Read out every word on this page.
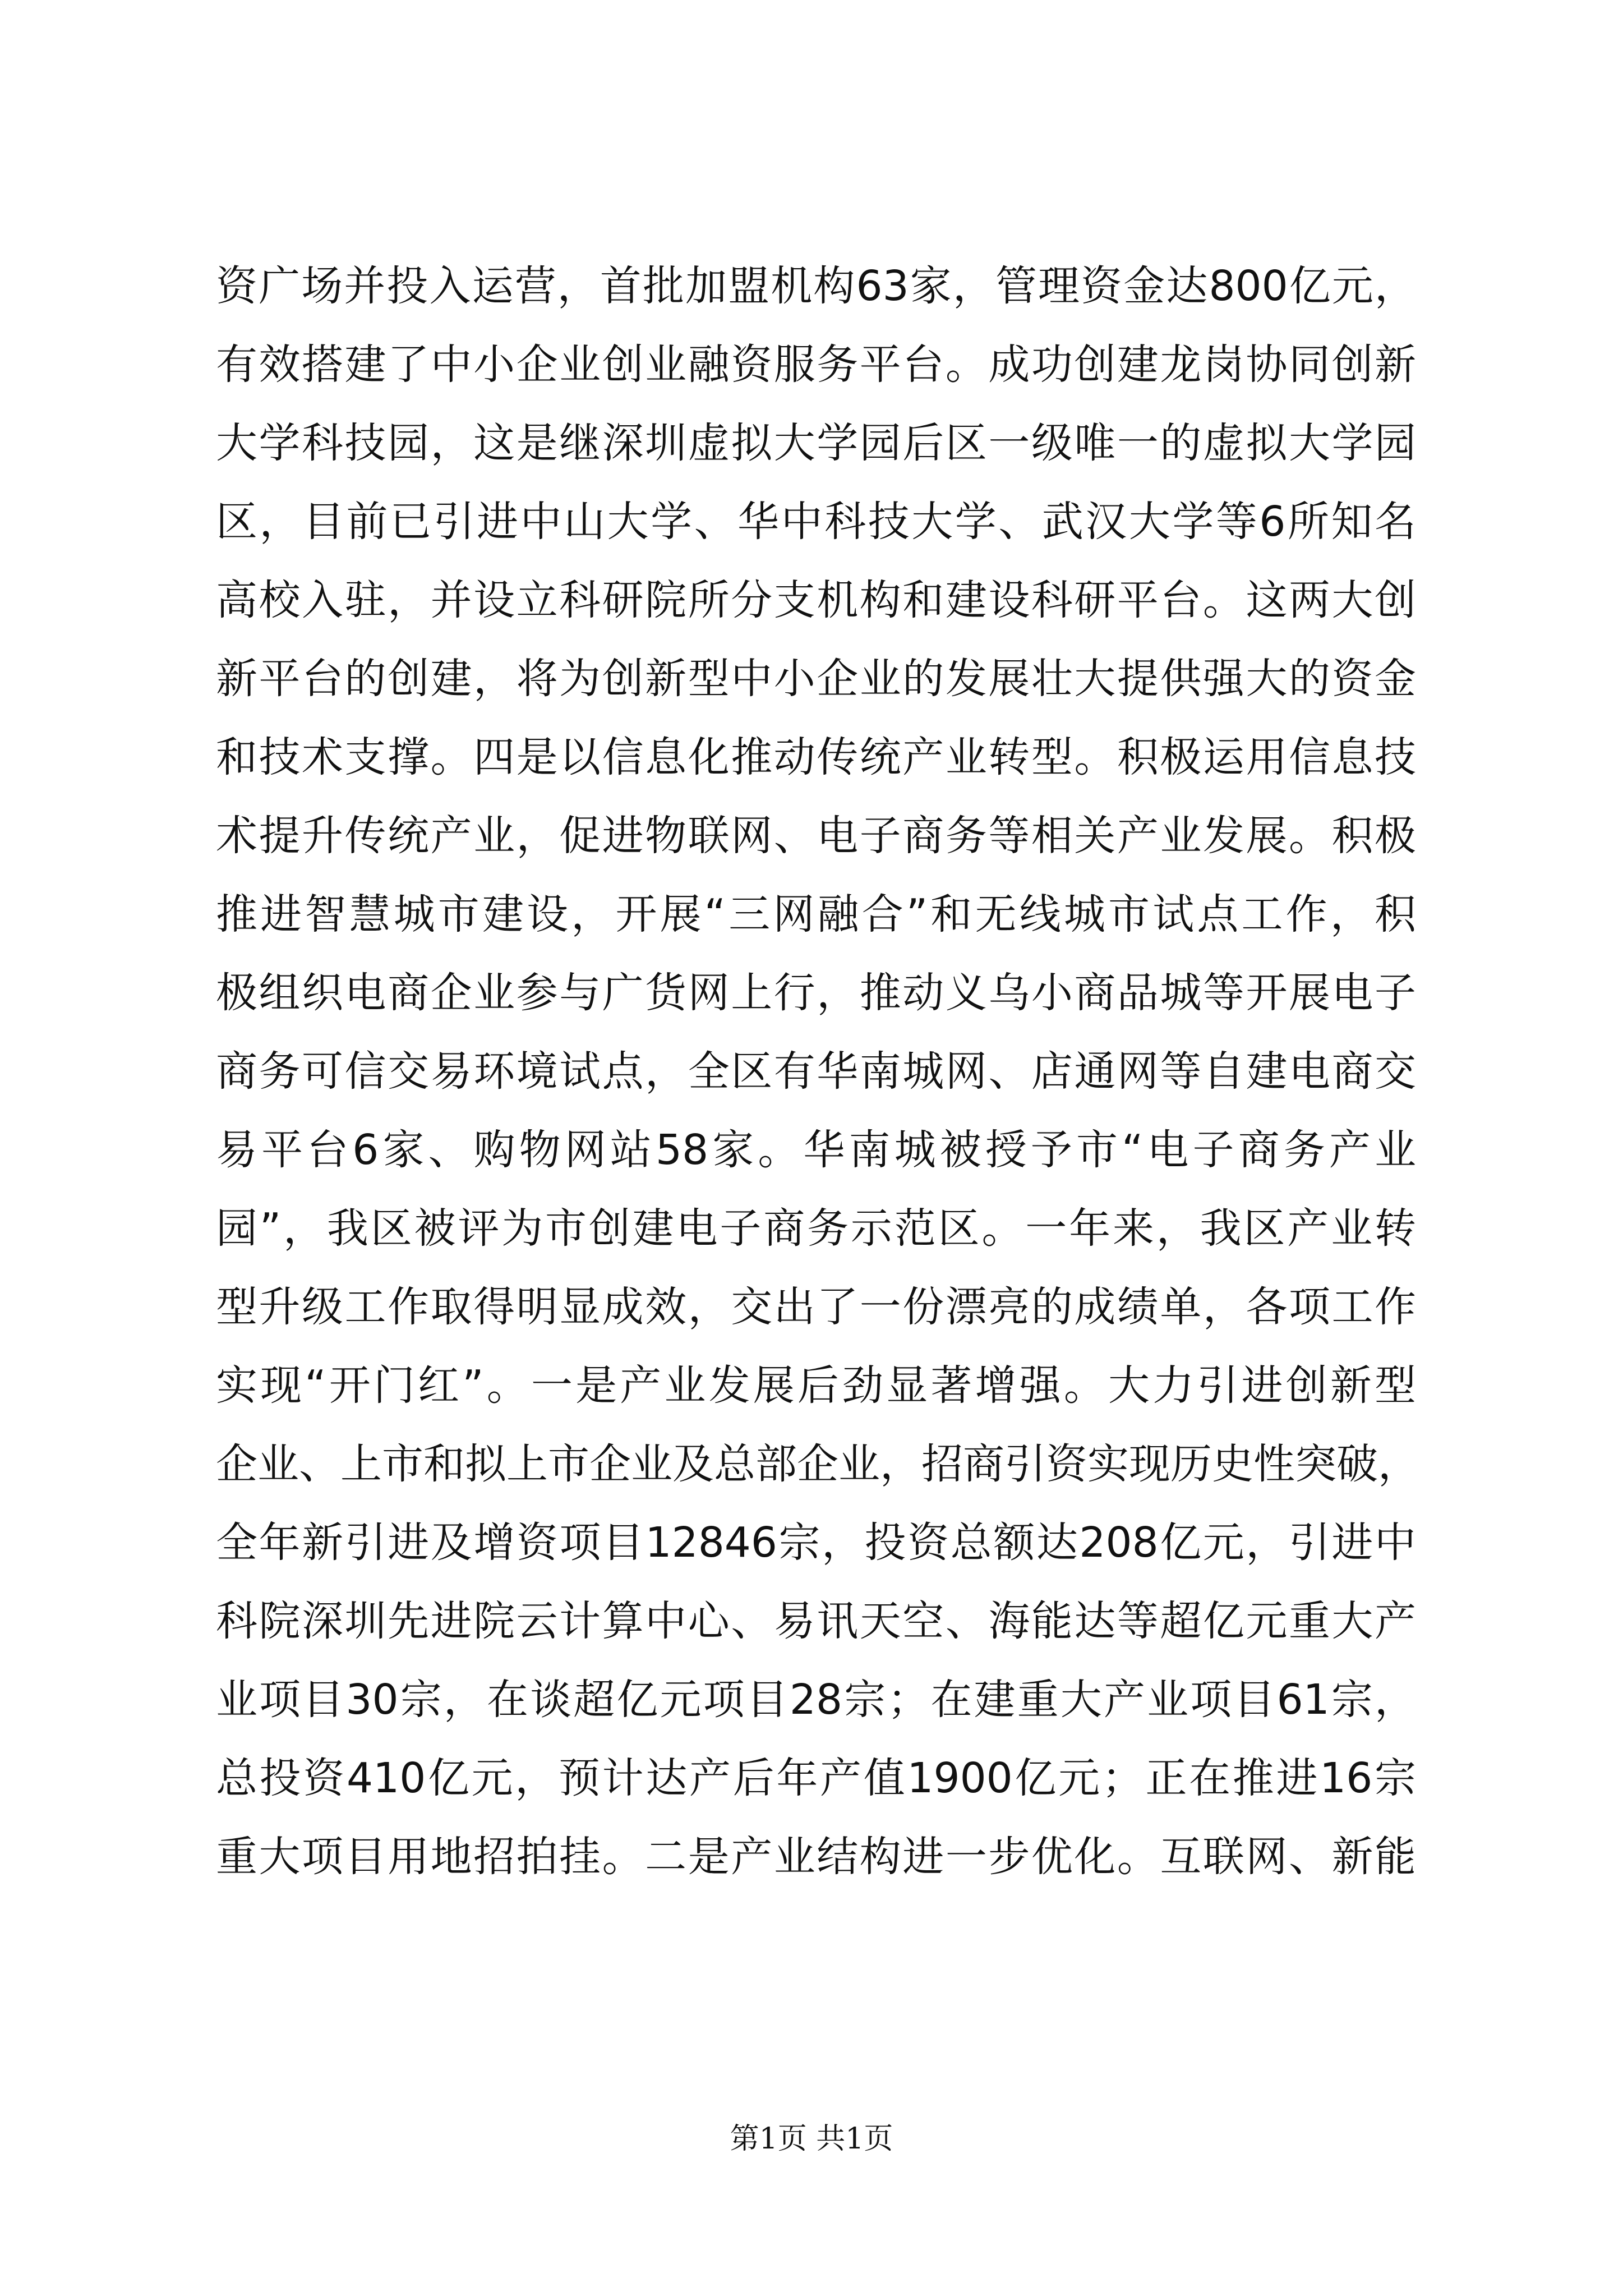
资广场并投入运营，首批加盟机构63家，管理资金达800亿元，
有效搭建了中小企业创业融资服务平台。成功创建龙岗协同创新
大学科技园，这是继深圳虚拟大学园后区一级唯一的虚拟大学园
区，目前已引进中山大学、华中科技大学、武汉大学等6所知名
高校入驻，并设立科研院所分支机构和建设科研平台。这两大创
新平台的创建，将为创新型中小企业的发展壮大提供强大的资金
和技术支撑。四是以信息化推动传统产业转型。积极运用信息技
术提升传统产业，促进物联网、电子商务等相关产业发展。积极
推进智慧城市建设，开展“三网融合”和无线城市试点工作，积
极组织电商企业参与广货网上行，推动义乌小商品城等开展电子
商务可信交易环境试点，全区有华南城网、店通网等自建电商交
易平台6家、购物网站58家。华南城被授予市“电子商务产业
园”，我区被评为市创建电子商务示范区。一年来，我区产业转
型升级工作取得明显成效，交出了一份漂亮的成绩单，各项工作
实现“开门红”。一是产业发展后劲显著增强。大力引进创新型
企业、上市和拟上市企业及总部企业，招商引资实现历史性突破，
全年新引进及增资项目12846宗，投资总额达208亿元，引进中
科院深圳先进院云计算中心、易讯天空、海能达等超亿元重大产
业项目30宗，在谈超亿元项目28宗；在建重大产业项目61宗，
总投资410亿元，预计达产后年产值1900亿元；正在推进16宗
重大项目用地招拍挂。二是产业结构进一步优化。互联网、新能
第1页 共1页
